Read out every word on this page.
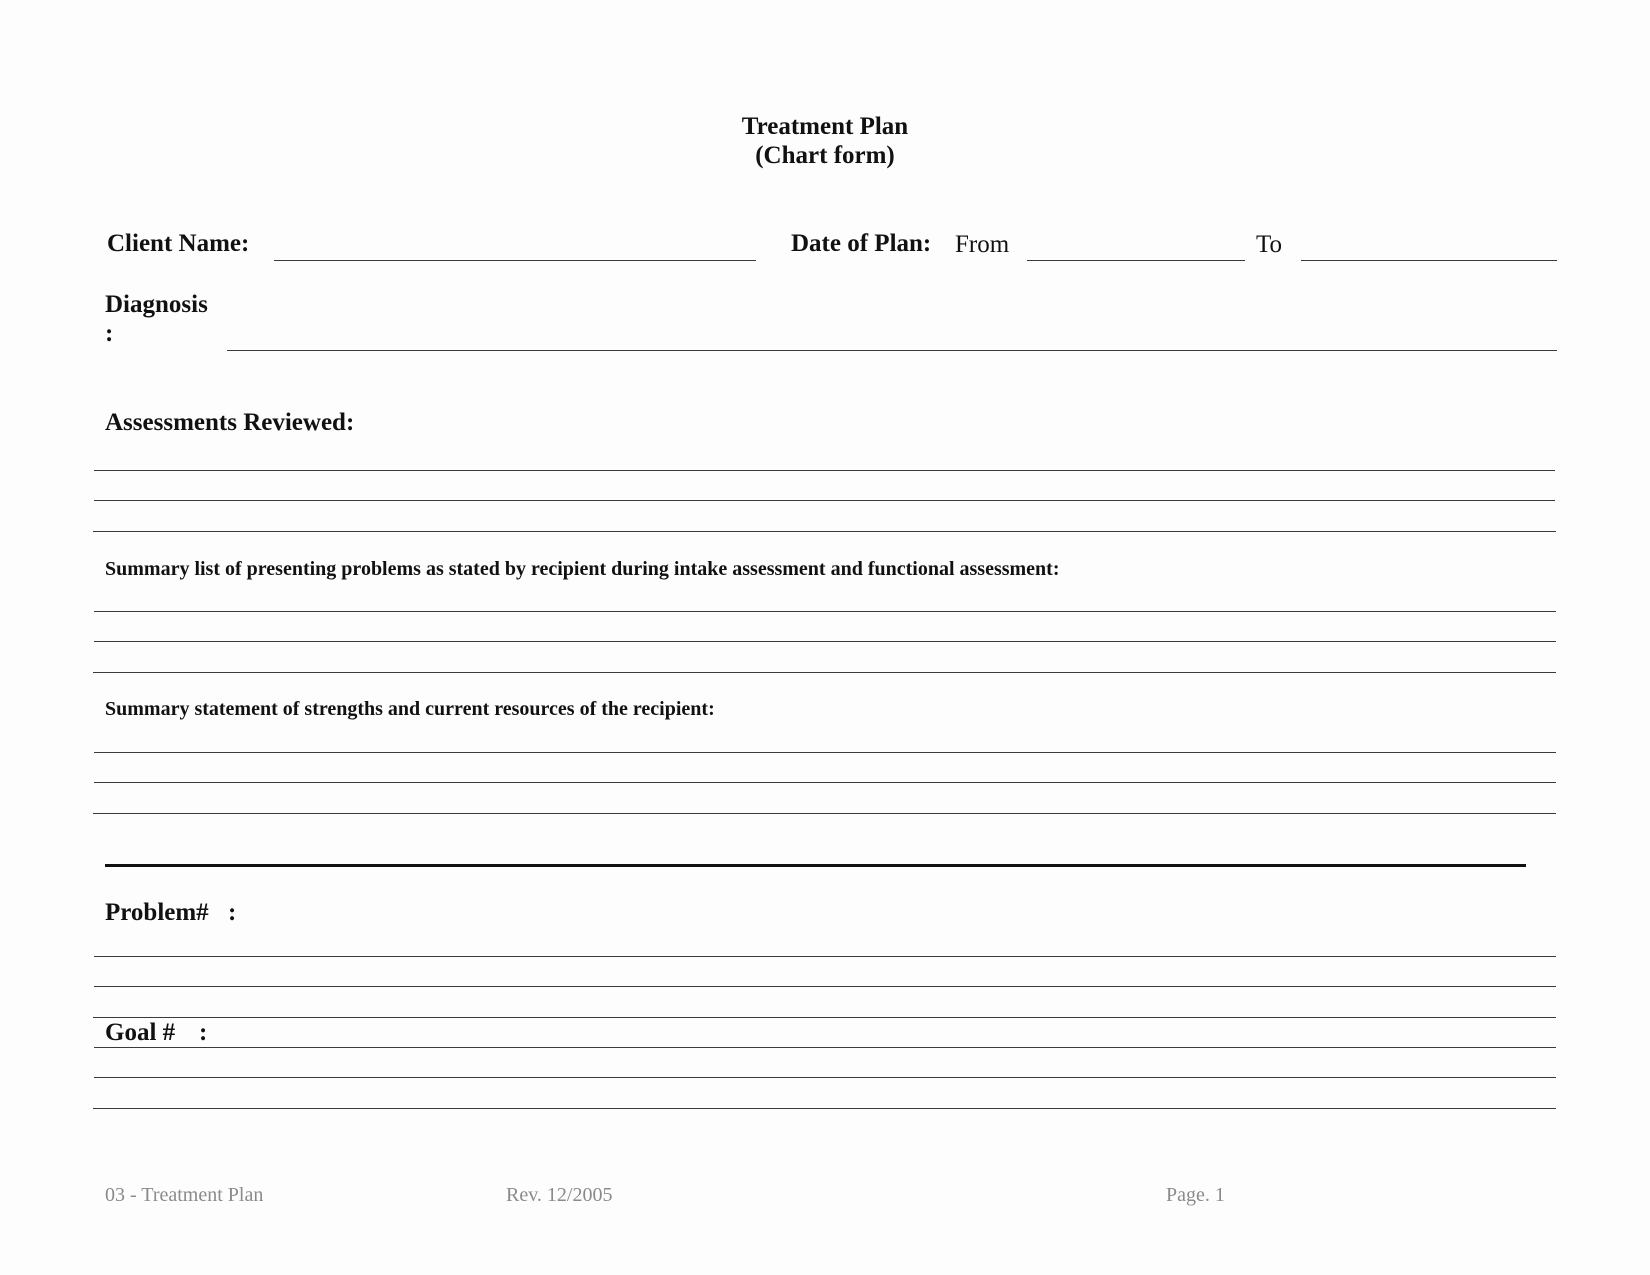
Treatment Plan
(Chart form)
Client Name:	Date of Plan: From	To
Diagnosis
:
Assessments Reviewed:
Summary list of presenting problems as stated by recipient during intake assessment and functional assessment:
Summary statement of strengths and current resources of the recipient:
Problem# :
Goal # :
03 - Treatment Plan	Rev. 12/2005	Page. 1
